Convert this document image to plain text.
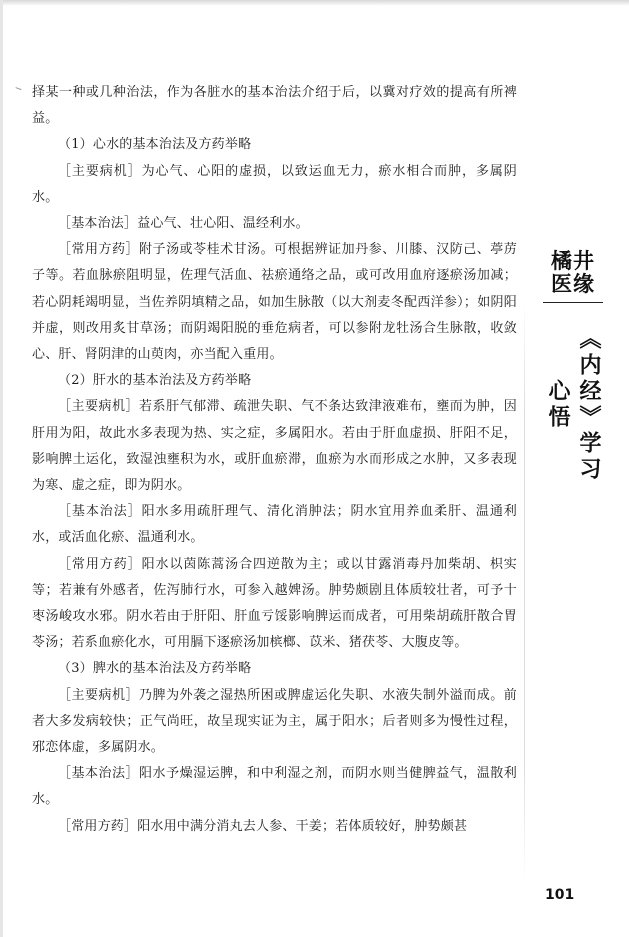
择某一种或几种治法，作为各脏水的基本治法介绍于后，以冀对疗效的提高有所裨益。

（1）心水的基本治法及方药举略

［主要病机］为心气、心阳的虚损，以致运血无力，瘀水相合而肿，多属阴水。

［基本治法］益心气、壮心阳、温经利水。

［常用方药］附子汤或苓桂术甘汤。可根据辨证加丹参、川膝、汉防己、葶苈子等。若血脉瘀阻明显，佐理气活血、祛瘀通络之品，或可改用血府逐瘀汤加减；若心阴耗竭明显，当佐养阴填精之品，如加生脉散（以大剂麦冬配西洋参）；如阴阳并虚，则改用炙甘草汤；而阴竭阳脱的垂危病者，可以参附龙牡汤合生脉散，收敛心、肝、肾阴津的山萸肉，亦当配入重用。

（2）肝水的基本治法及方药举略

［主要病机］若系肝气郁滞、疏泄失职、气不条达致津液难布，壅而为肿，因肝用为阳，故此水多表现为热、实之症，多属阳水。若由于肝血虚损、肝阳不足，影响脾土运化，致湿浊壅积为水，或肝血瘀滞，血瘀为水而形成之水肿，又多表现为寒、虚之症，即为阴水。

［基本治法］阳水多用疏肝理气、清化消肿法；阴水宜用养血柔肝、温通利水，或活血化瘀、温通利水。

［常用方药］阳水以茵陈蒿汤合四逆散为主；或以甘露消毒丹加柴胡、枳实等；若兼有外感者，佐泻肺行水，可参入越婢汤。肿势颇剧且体质较壮者，可予十枣汤峻攻水邪。阴水若由于肝阳、肝血亏馁影响脾运而成者，可用柴胡疏肝散合胃苓汤；若系血瘀化水，可用膈下逐瘀汤加槟榔、苡米、猪茯苓、大腹皮等。

（3）脾水的基本治法及方药举略

［主要病机］乃脾为外袭之湿热所困或脾虚运化失职、水液失制外溢而成。前者大多发病较快；正气尚旺，故呈现实证为主，属于阳水；后者则多为慢性过程，邪恋体虚，多属阴水。

［基本治法］阳水予燥湿运脾，和中利湿之剂，而阴水则当健脾益气，温散利水。

［常用方药］阳水用中满分消丸去人参、干姜；若体质较好，肿势颇甚

橘井
医缘
《内经》学习心悟
101
